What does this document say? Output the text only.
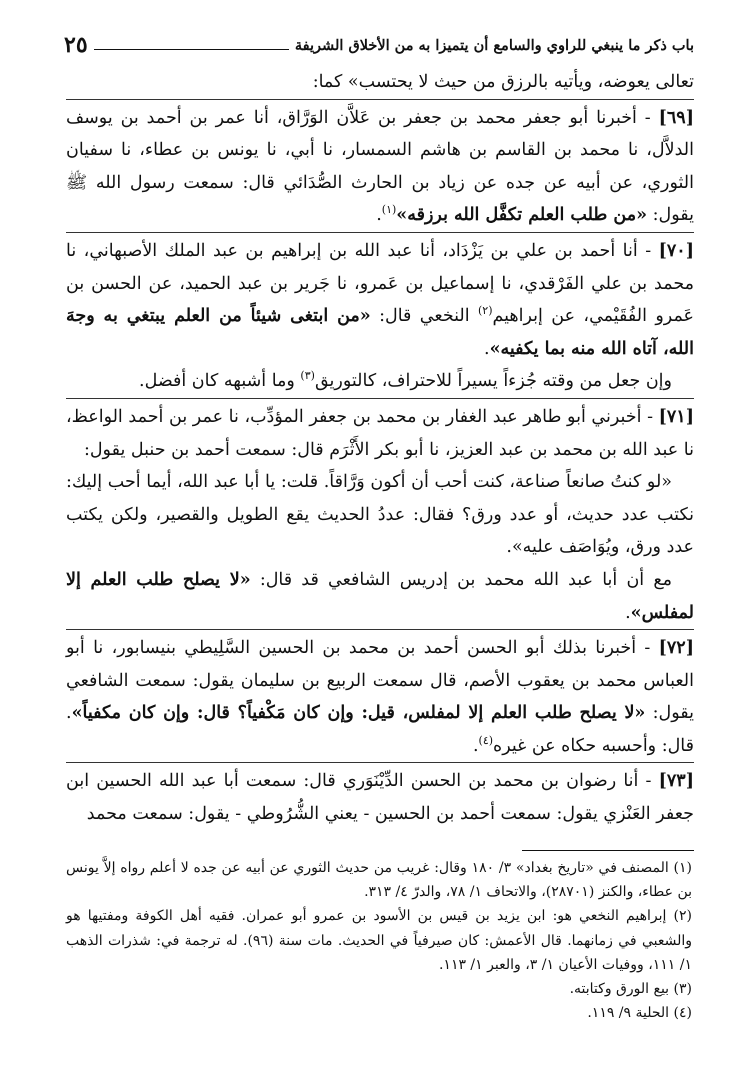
باب ذكر ما ينبغي للراوي والسامع أن يتميزا به من الأخلاق الشريفة
٢٥

تعالى يعوضه، ويأتيه بالرزق من حيث لا يحتسب» كما:

[٦٩] - أخبرنا أبو جعفر محمد بن جعفر بن عَلاَّن الوَرَّاق، أنا عمر بن أحمد بن يوسف الدلاَّل، نا محمد بن القاسم بن هاشم السمسار، نا أبي، نا يونس بن عطاء، نا سفيان الثوري، عن أبيه عن جده عن زياد بن الحارث الصُّدَائي قال: سمعت رسول الله ﷺ يقول: «من طلب العلم تكفَّل الله برزقه»$^{(١)}$.

[٧٠] - أنا أحمد بن علي بن يَزْدَاد، أنا عبد الله بن إبراهيم بن عبد الملك الأصبهاني، نا محمد بن علي الفَرْقدي، نا إسماعيل بن عَمرو، نا جَرير بن عبد الحميد، عن الحسن بن عَمرو الفُقَيْمي، عن إبراهيم$^{(٢)}$ النخعي قال: «من ابتغى شيئاً من العلم يبتغي به وجهَ الله، آتاه الله منه بما يكفيه».

وإن جعل من وقته جُزءاً يسيراً للاحتراف، كالتوريق$^{(٣)}$ وما أشبهه كان أفضل.

[٧١] - أخبرني أبو طاهر عبد الغفار بن محمد بن جعفر المؤدِّب، نا عمر بن أحمد الواعظ، نا عبد الله بن محمد بن عبد العزيز، نا أبو بكر الأَثْرَم قال: سمعت أحمد بن حنبل يقول:

«لو كنتُ صانعاً صناعة، كنت أحب أن أكون وَرَّاقاً. قلت: يا أبا عبد الله، أيما أحب إليك: نكتب عدد حديث، أو عدد ورق؟ فقال: عددُ الحديث يقع الطويل والقصير، ولكن يكتب عدد ورق، ويُوَاصَف عليه».

مع أن أبا عبد الله محمد بن إدريس الشافعي قد قال: «لا يصلح طلب العلم إلا لمفلس».

[٧٢] - أخبرنا بذلك أبو الحسن أحمد بن محمد بن الحسين السَّلِيطي بنيسابور، نا أبو العباس محمد بن يعقوب الأصم، قال سمعت الربيع بن سليمان يقول: سمعت الشافعي يقول: «لا يصلح طلب العلم إلا لمفلس، قيل: وإن كان مَكْفياً؟ قال: وإن كان مكفياً». قال: وأحسبه حكاه عن غيره$^{(٤)}$.

[٧٣] - أنا رضوان بن محمد بن الحسن الدِّيْنَوَري قال: سمعت أبا عبد الله الحسين ابن جعفر العَنْزي يقول: سمعت أحمد بن الحسين - يعني الشُّرُوطي - يقول: سمعت محمد

(١) المصنف في «تاريخ بغداد» ٣/ ١٨٠ وقال: غريب من حديث الثوري عن أبيه عن جده لا أعلم رواه إلاَّ يونس بن عطاء، والكنز (٢٨٧٠١)، والاتحاف ١/ ٧٨، والدرّ ٤/ ٣١٣.

(٢) إبراهيم النخعي هو: ابن يزيد بن قيس بن الأسود بن عمرو أبو عمران. فقيه أهل الكوفة ومفتيها هو والشعبي في زمانهما. قال الأعمش: كان صيرفياً في الحديث. مات سنة (٩٦). له ترجمة في: شذرات الذهب ١/ ١١١، ووفيات الأعيان ١/ ٣، والعبر ١/ ١١٣.

(٣) بيع الورق وكتابته.

(٤) الحلية ٩/ ١١٩.
